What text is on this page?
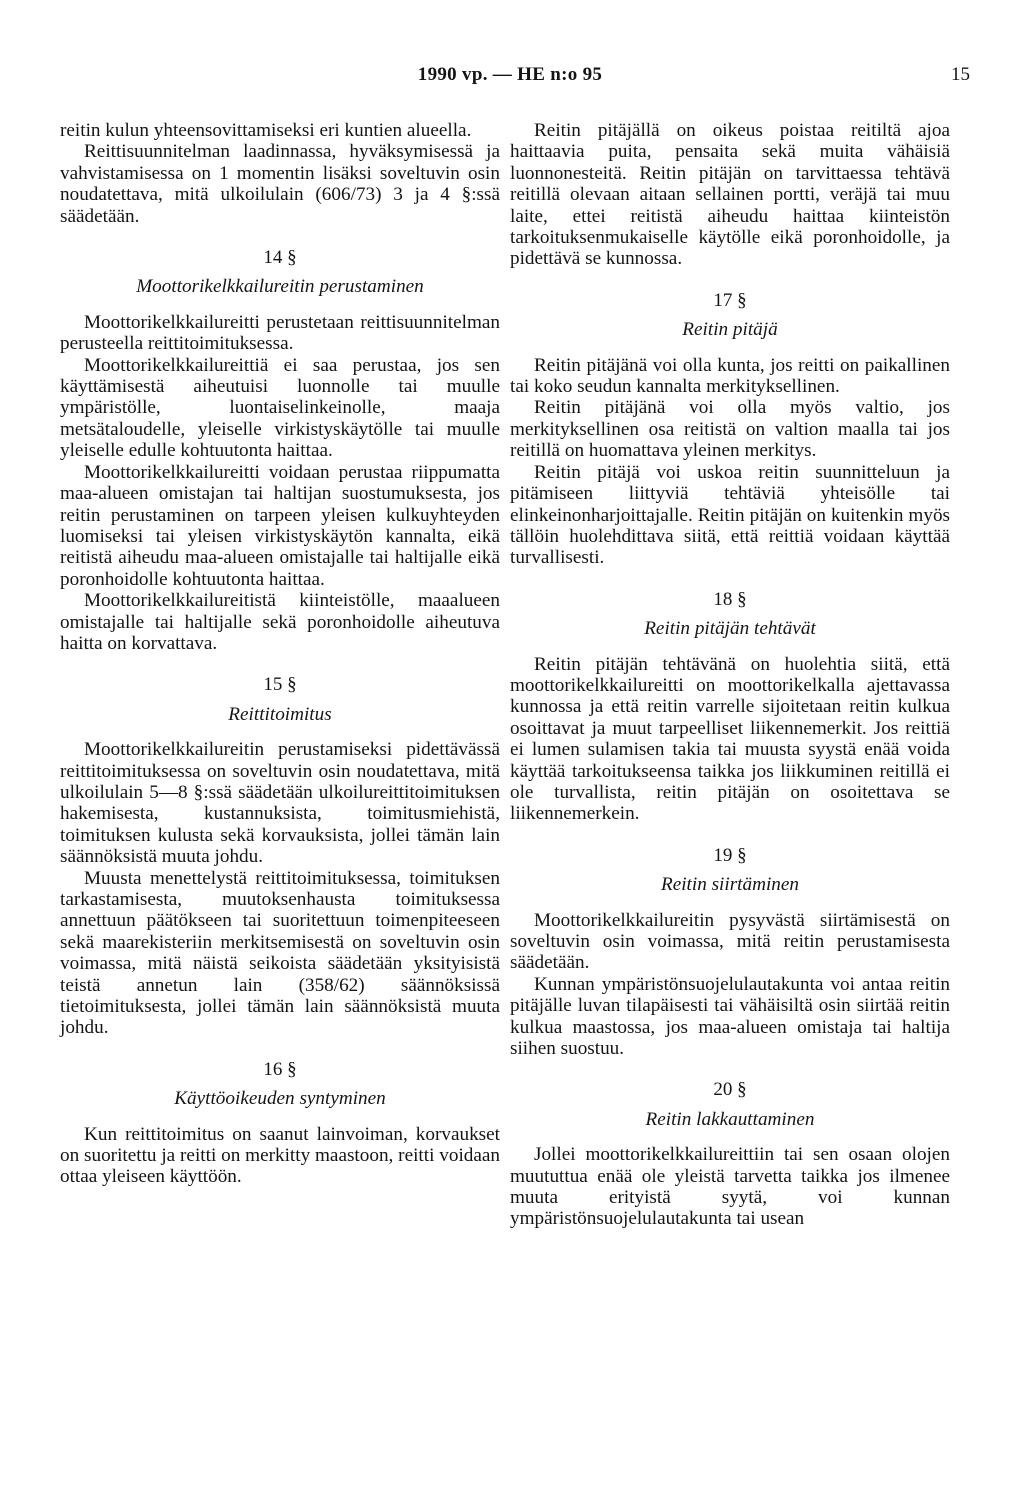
1990 vp. — HE n:o 95	15

reitin kulun yhteensovittamiseksi eri kuntien alueella.

Reittisuunnitelman laadinnassa, hyväksymisessä ja vahvistamisessa on 1 momentin lisäksi soveltuvin osin noudatettava, mitä ulkoilulain (606/73) 3 ja 4 §:ssä säädetään.

14 §
Moottorikelkkailureitin perustaminen

Moottorikelkkailureitti perustetaan reittisuunnitelman perusteella reittitoimituksessa.

Moottorikelkkailureittiä ei saa perustaa, jos sen käyttämisestä aiheutuisi luonnolle tai muulle ympäristölle, luontaiselinkeinolle, maaja metsätaloudelle, yleiselle virkistyskäytölle tai muulle yleiselle edulle kohtuutonta haittaa.

Moottorikelkkailureitti voidaan perustaa riippumatta maa-alueen omistajan tai haltijan suostumuksesta, jos reitin perustaminen on tarpeen yleisen kulkuyhteyden luomiseksi tai yleisen virkistyskäytön kannalta, eikä reitistä aiheudu maa-alueen omistajalle tai haltijalle eikä poronhoidolle kohtuutonta haittaa.

Moottorikelkkailureitistä kiinteistölle, maaalueen omistajalle tai haltijalle sekä poronhoidolle aiheutuva haitta on korvattava.

15 §
Reittitoimitus

Moottorikelkkailureitin perustamiseksi pidettävässä reittitoimituksessa on soveltuvin osin noudatettava, mitä ulkoilulain 5—8 §:ssä säädetään ulkoilureittitoimituksen hakemisesta, kustannuksista, toimitusmiehistä, toimituksen kulusta sekä korvauksista, jollei tämän lain säännöksistä muuta johdu.

Muusta menettelystä reittitoimituksessa, toimituksen tarkastamisesta, muutoksenhausta toimituksessa annettuun päätökseen tai suoritettuun toimenpiteeseen sekä maarekisteriin merkitsemisestä on soveltuvin osin voimassa, mitä näistä seikoista säädetään yksityisistä teistä annetun lain (358/62) säännöksissä tietoimituksesta, jollei tämän lain säännöksistä muuta johdu.

16 §
Käyttöoikeuden syntyminen

Kun reittitoimitus on saanut lainvoiman, korvaukset on suoritettu ja reitti on merkitty maastoon, reitti voidaan ottaa yleiseen käyttöön.

Reitin pitäjällä on oikeus poistaa reitiltä ajoa haittaavia puita, pensaita sekä muita vähäisiä luonnonesteitä. Reitin pitäjän on tarvittaessa tehtävä reitillä olevaan aitaan sellainen portti, veräjä tai muu laite, ettei reitistä aiheudu haittaa kiinteistön tarkoituksenmukaiselle käytölle eikä poronhoidolle, ja pidettävä se kunnossa.

17 §
Reitin pitäjä

Reitin pitäjänä voi olla kunta, jos reitti on paikallinen tai koko seudun kannalta merkityksellinen.

Reitin pitäjänä voi olla myös valtio, jos merkityksellinen osa reitistä on valtion maalla tai jos reitillä on huomattava yleinen merkitys.

Reitin pitäjä voi uskoa reitin suunnitteluun ja pitämiseen liittyviä tehtäviä yhteisölle tai elinkeinonharjoittajalle. Reitin pitäjän on kuitenkin myös tällöin huolehdittava siitä, että reittiä voidaan käyttää turvallisesti.

18 §
Reitin pitäjän tehtävät

Reitin pitäjän tehtävänä on huolehtia siitä, että moottorikelkkailureitti on moottorikelkalla ajettavassa kunnossa ja että reitin varrelle sijoitetaan reitin kulkua osoittavat ja muut tarpeelliset liikennemerkit. Jos reittiä ei lumen sulamisen takia tai muusta syystä enää voida käyttää tarkoitukseensa taikka jos liikkuminen reitillä ei ole turvallista, reitin pitäjän on osoitettava se liikennemerkein.

19 §
Reitin siirtäminen

Moottorikelkkailureitin pysyvästä siirtämisestä on soveltuvin osin voimassa, mitä reitin perustamisesta säädetään.

Kunnan ympäristönsuojelulautakunta voi antaa reitin pitäjälle luvan tilapäisesti tai vähäisiltä osin siirtää reitin kulkua maastossa, jos maa-alueen omistaja tai haltija siihen suostuu.

20 §
Reitin lakkauttaminen

Jollei moottorikelkkailureittiin tai sen osaan olojen muututtua enää ole yleistä tarvetta taikka jos ilmenee muuta erityistä syytä, voi kunnan ympäristönsuojelulautakunta tai usean
